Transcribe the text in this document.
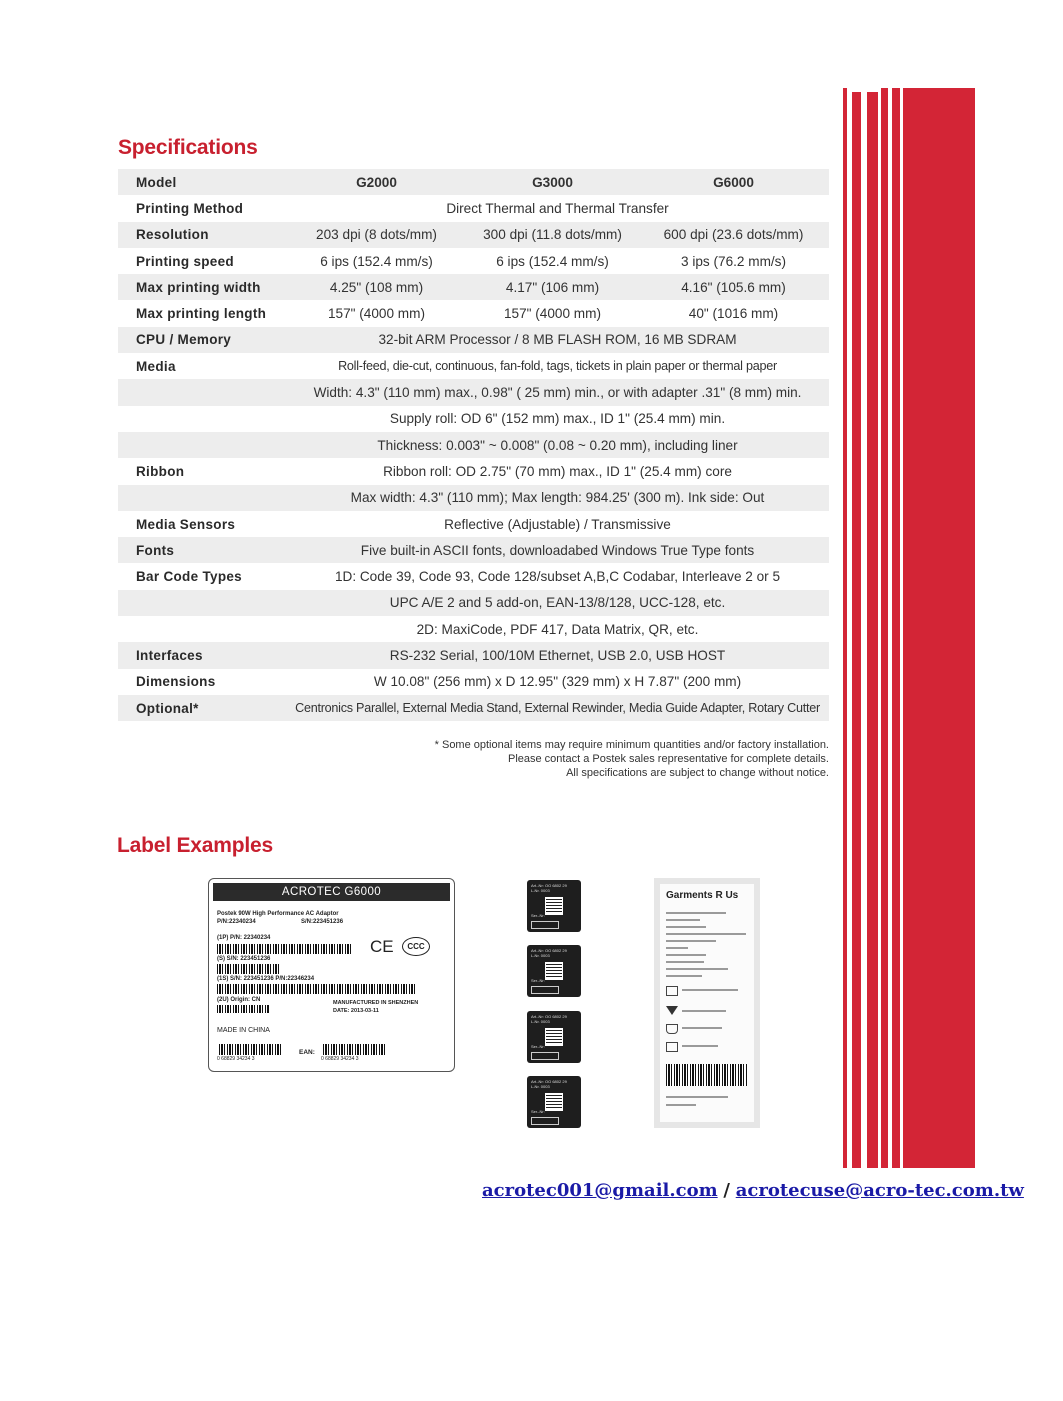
Specifications
Model	G2000	G3000	G6000
Printing Method	Direct Thermal and Thermal Transfer		
Resolution	203 dpi (8 dots/mm)	300 dpi (11.8 dots/mm)	600 dpi (23.6 dots/mm)
Printing speed	6 ips (152.4 mm/s)	6 ips (152.4 mm/s)	3 ips (76.2 mm/s)
Max printing width	4.25" (108 mm)	4.17" (106 mm)	4.16" (105.6 mm)
Max printing length	157" (4000 mm)	157" (4000 mm)	40" (1016 mm)
CPU / Memory	32-bit ARM Processor / 8 MB FLASH ROM, 16 MB SDRAM		
Media	Roll-feed, die-cut, continuous, fan-fold, tags, tickets in plain paper or thermal paper		
	Width: 4.3" (110 mm) max., 0.98" ( 25 mm) min., or with adapter .31" (8 mm) min.		
	Supply roll: OD 6" (152 mm) max., ID 1" (25.4 mm) min.		
	Thickness: 0.003" ~ 0.008" (0.08 ~ 0.20 mm), including liner		
Ribbon	Ribbon roll: OD 2.75" (70 mm) max., ID 1" (25.4 mm) core		
	Max width: 4.3" (110 mm); Max length: 984.25' (300 m). Ink side: Out		
Media Sensors	Reflective (Adjustable) / Transmissive		
Fonts	Five built-in ASCII fonts, downloadabed Windows True Type fonts		
Bar Code Types	1D: Code 39, Code 93, Code 128/subset A,B,C Codabar, Interleave 2 or 5		
	UPC A/E 2 and 5 add-on, EAN-13/8/128, UCC-128, etc.		
	2D: MaxiCode, PDF 417, Data Matrix, QR, etc.		
Interfaces	RS-232 Serial, 100/10M Ethernet, USB 2.0, USB HOST		
Dimensions	W 10.08" (256 mm) x D 12.95" (329 mm) x H 7.87" (200 mm)		
Optional*	Centronics Parallel, External Media Stand, External Rewinder, Media Guide Adapter, Rotary Cutter		
* Some optional items may require minimum quantities and/or factory installation.
Please contact a Postek sales representative for complete details.
All specifications are subject to change without notice.
Label Examples
ACROTEC G6000
Postek 90W High Performance AC Adaptor
P/N:22340234	S/N:223451236
(1P) P/N: 22340234	CE	CCC
(S) S/N: 223451236
(1S) S/N: 223451236 P/N:22346234
(2U) Origin: CN	MANUFACTURED IN SHENZHEN
DATE: 2013-03-11
MADE IN CHINA
0 68829 34234 3
EAN:
0 68829 34234 3
Art.-Nr: OO 6802 29
L-Nr. 0003
Ser.-Nr:
Art.-Nr: OO 6802 29
L-Nr. 0003
Ser.-Nr:
Art.-Nr: OO 6802 29
L-Nr. 0003
Ser.-Nr:
Art.-Nr: OO 6802 29
L-Nr. 0003
Ser.-Nr:
Garments R Us
acrotec001@gmail.com / acrotecuse@acro-tec.com.tw
